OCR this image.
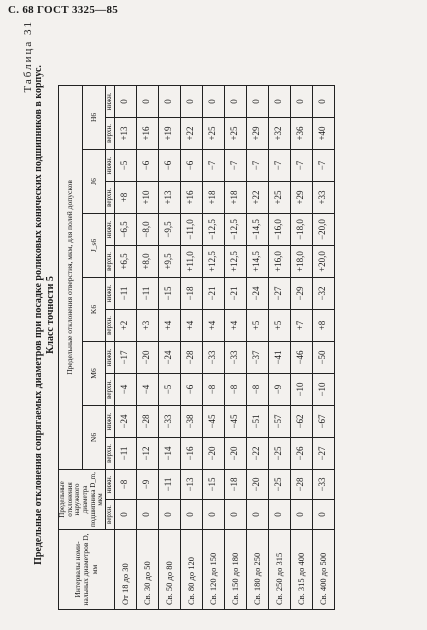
С. 68 ГОСТ 3325—85
Таблица 31
Предельные отклонения сопрягаемых диаметров при посадке роликовых конических подшипников в корпус. Класс точности 5
Интервалы номинальных диаметров D, мм	Предельные отклонения наружного диаметра подшипника D_m, мкм		Предельные отклонения отверстия, мкм, для полей допусков											
			N6		M6		K6		J_s6		J6		H6	
	верхн.	нижн.	верхн.	нижн.	верхн.	нижн.	верхн.	нижн.	верхн.	нижн.	верхн.	нижн.	верхн.	нижн.
От 18 до 30	0	−8	−11	−24	−4	−17	+2	−11	+6,5	−6,5	+8	−5	+13	0
Св. 30 до 50	0	−9	−12	−28	−4	−20	+3	−11	+8,0	−8,0	+10	−6	+16	0
Св. 50 до 80	0	−11	−14	−33	−5	−24	+4	−15	+9,5	−9,5	+13	−6	+19	0
Св. 80 до 120	0	−13	−16	−38	−6	−28	+4	−18	+11,0	−11,0	+16	−6	+22	0
Св. 120 до 150	0	−15	−20	−45	−8	−33	+4	−21	+12,5	−12,5	+18	−7	+25	0
Св. 150 до 180	0	−18	−20	−45	−8	−33	+4	−21	+12,5	−12,5	+18	−7	+25	0
Св. 180 до 250	0	−20	−22	−51	−8	−37	+5	−24	+14,5	−14,5	+22	−7	+29	0
Св. 250 до 315	0	−25	−25	−57	−9	−41	+5	−27	+16,0	−16,0	+25	−7	+32	0
Св. 315 до 400	0	−28	−26	−62	−10	−46	+7	−29	+18,0	−18,0	+29	−7	+36	0
Св. 400 до 500	0	−33	−27	−67	−10	−50	+8	−32	+20,0	−20,0	+33	−7	+40	0
